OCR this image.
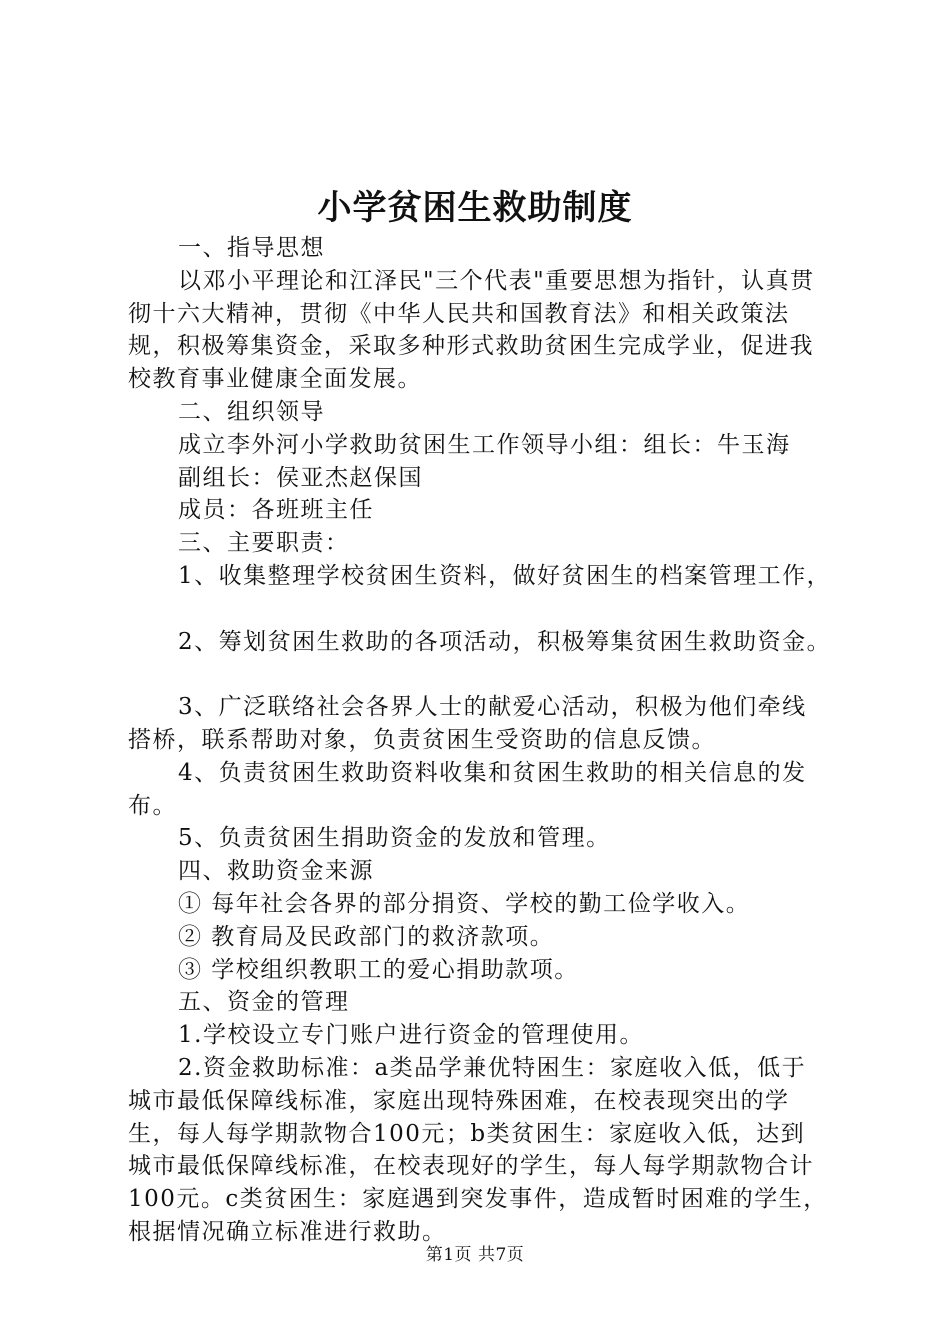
小学贫困生救助制度

一、指导思想

以邓小平理论和江泽民"三个代表"重要思想为指针，认真贯彻十六大精神，贯彻《中华人民共和国教育法》和相关政策法规，积极筹集资金，采取多种形式救助贫困生完成学业，促进我校教育事业健康全面发展。

二、组织领导

成立李外河小学救助贫困生工作领导小组：组长：牛玉海

副组长：侯亚杰赵保国

成员：各班班主任

三、主要职责：

1、收集整理学校贫困生资料，做好贫困生的档案管理工作，

2、筹划贫困生救助的各项活动，积极筹集贫困生救助资金。

3、广泛联络社会各界人士的献爱心活动，积极为他们牵线搭桥，联系帮助对象，负责贫困生受资助的信息反馈。

4、负责贫困生救助资料收集和贫困生救助的相关信息的发布。

5、负责贫困生捐助资金的发放和管理。

四、救助资金来源

① 每年社会各界的部分捐资、学校的勤工俭学收入。

② 教育局及民政部门的救济款项。

③ 学校组织教职工的爱心捐助款项。

五、资金的管理

1.学校设立专门账户进行资金的管理使用。

2.资金救助标准：a类品学兼优特困生：家庭收入低，低于城市最低保障线标准，家庭出现特殊困难，在校表现突出的学生，每人每学期款物合100元；b类贫困生：家庭收入低，达到城市最低保障线标准，在校表现好的学生，每人每学期款物合计100元。c类贫困生：家庭遇到突发事件，造成暂时困难的学生，根据情况确立标准进行救助。

第1页 共7页
